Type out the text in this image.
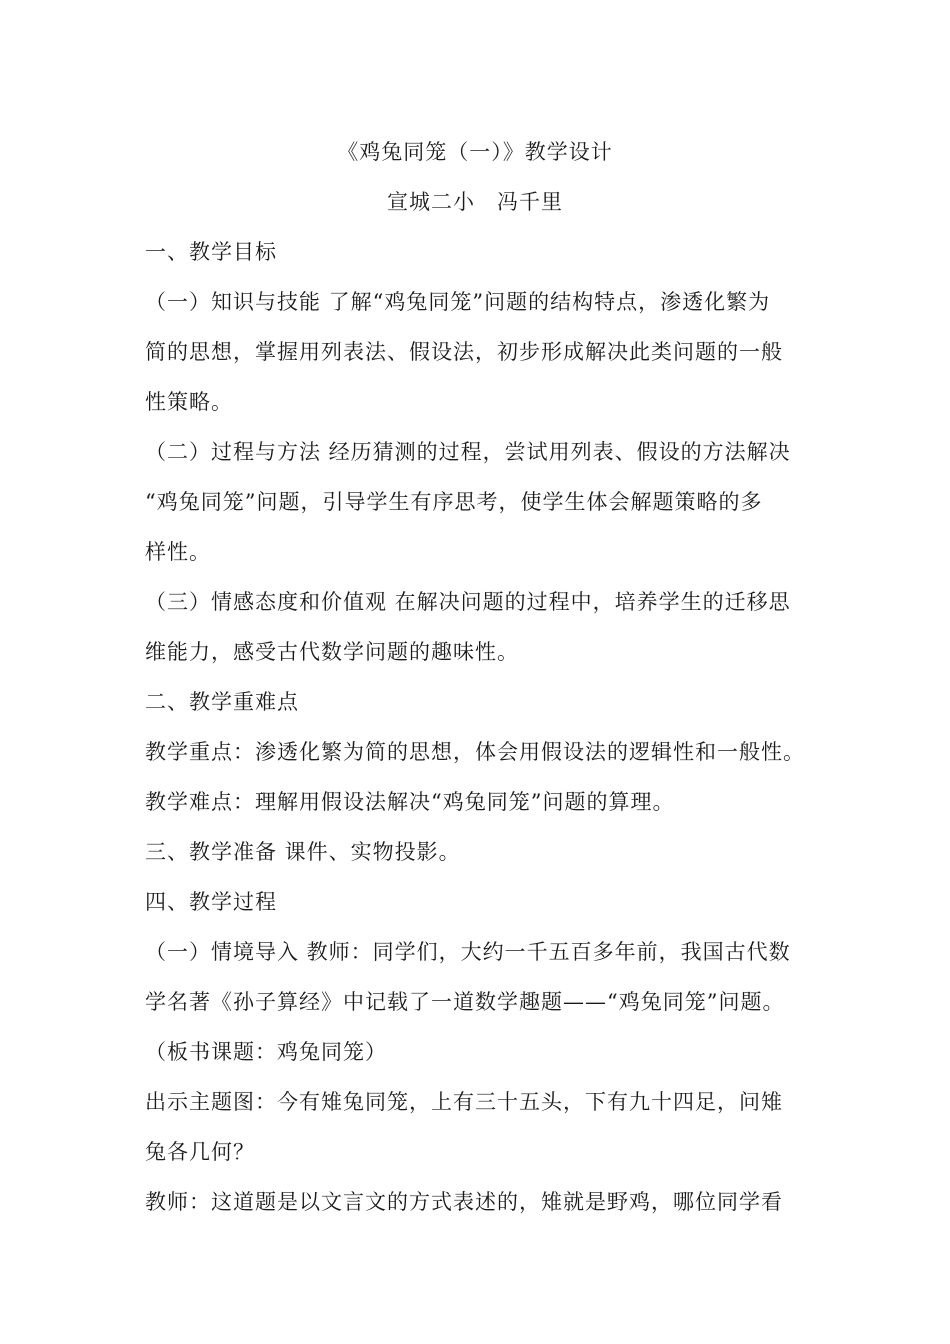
《鸡兔同笼（一）》教学设计
宣城二小　冯千里
一、教学目标
（一）知识与技能 了解“鸡兔同笼”问题的结构特点，渗透化繁为
简的思想，掌握用列表法、假设法，初步形成解决此类问题的一般
性策略。
（二）过程与方法 经历猜测的过程，尝试用列表、假设的方法解决
“鸡兔同笼”问题，引导学生有序思考，使学生体会解题策略的多
样性。
（三）情感态度和价值观 在解决问题的过程中，培养学生的迁移思
维能力，感受古代数学问题的趣味性。
二、教学重难点
教学重点：渗透化繁为简的思想，体会用假设法的逻辑性和一般性。
教学难点：理解用假设法解决“鸡兔同笼”问题的算理。
三、教学准备 课件、实物投影。
四、教学过程
（一）情境导入 教师：同学们，大约一千五百多年前，我国古代数
学名著《孙子算经》中记载了一道数学趣题——“鸡兔同笼”问题。
（板书课题：鸡兔同笼）
出示主题图：今有雉兔同笼，上有三十五头，下有九十四足，问雉
兔各几何？
教师：这道题是以文言文的方式表述的，雉就是野鸡，哪位同学看
